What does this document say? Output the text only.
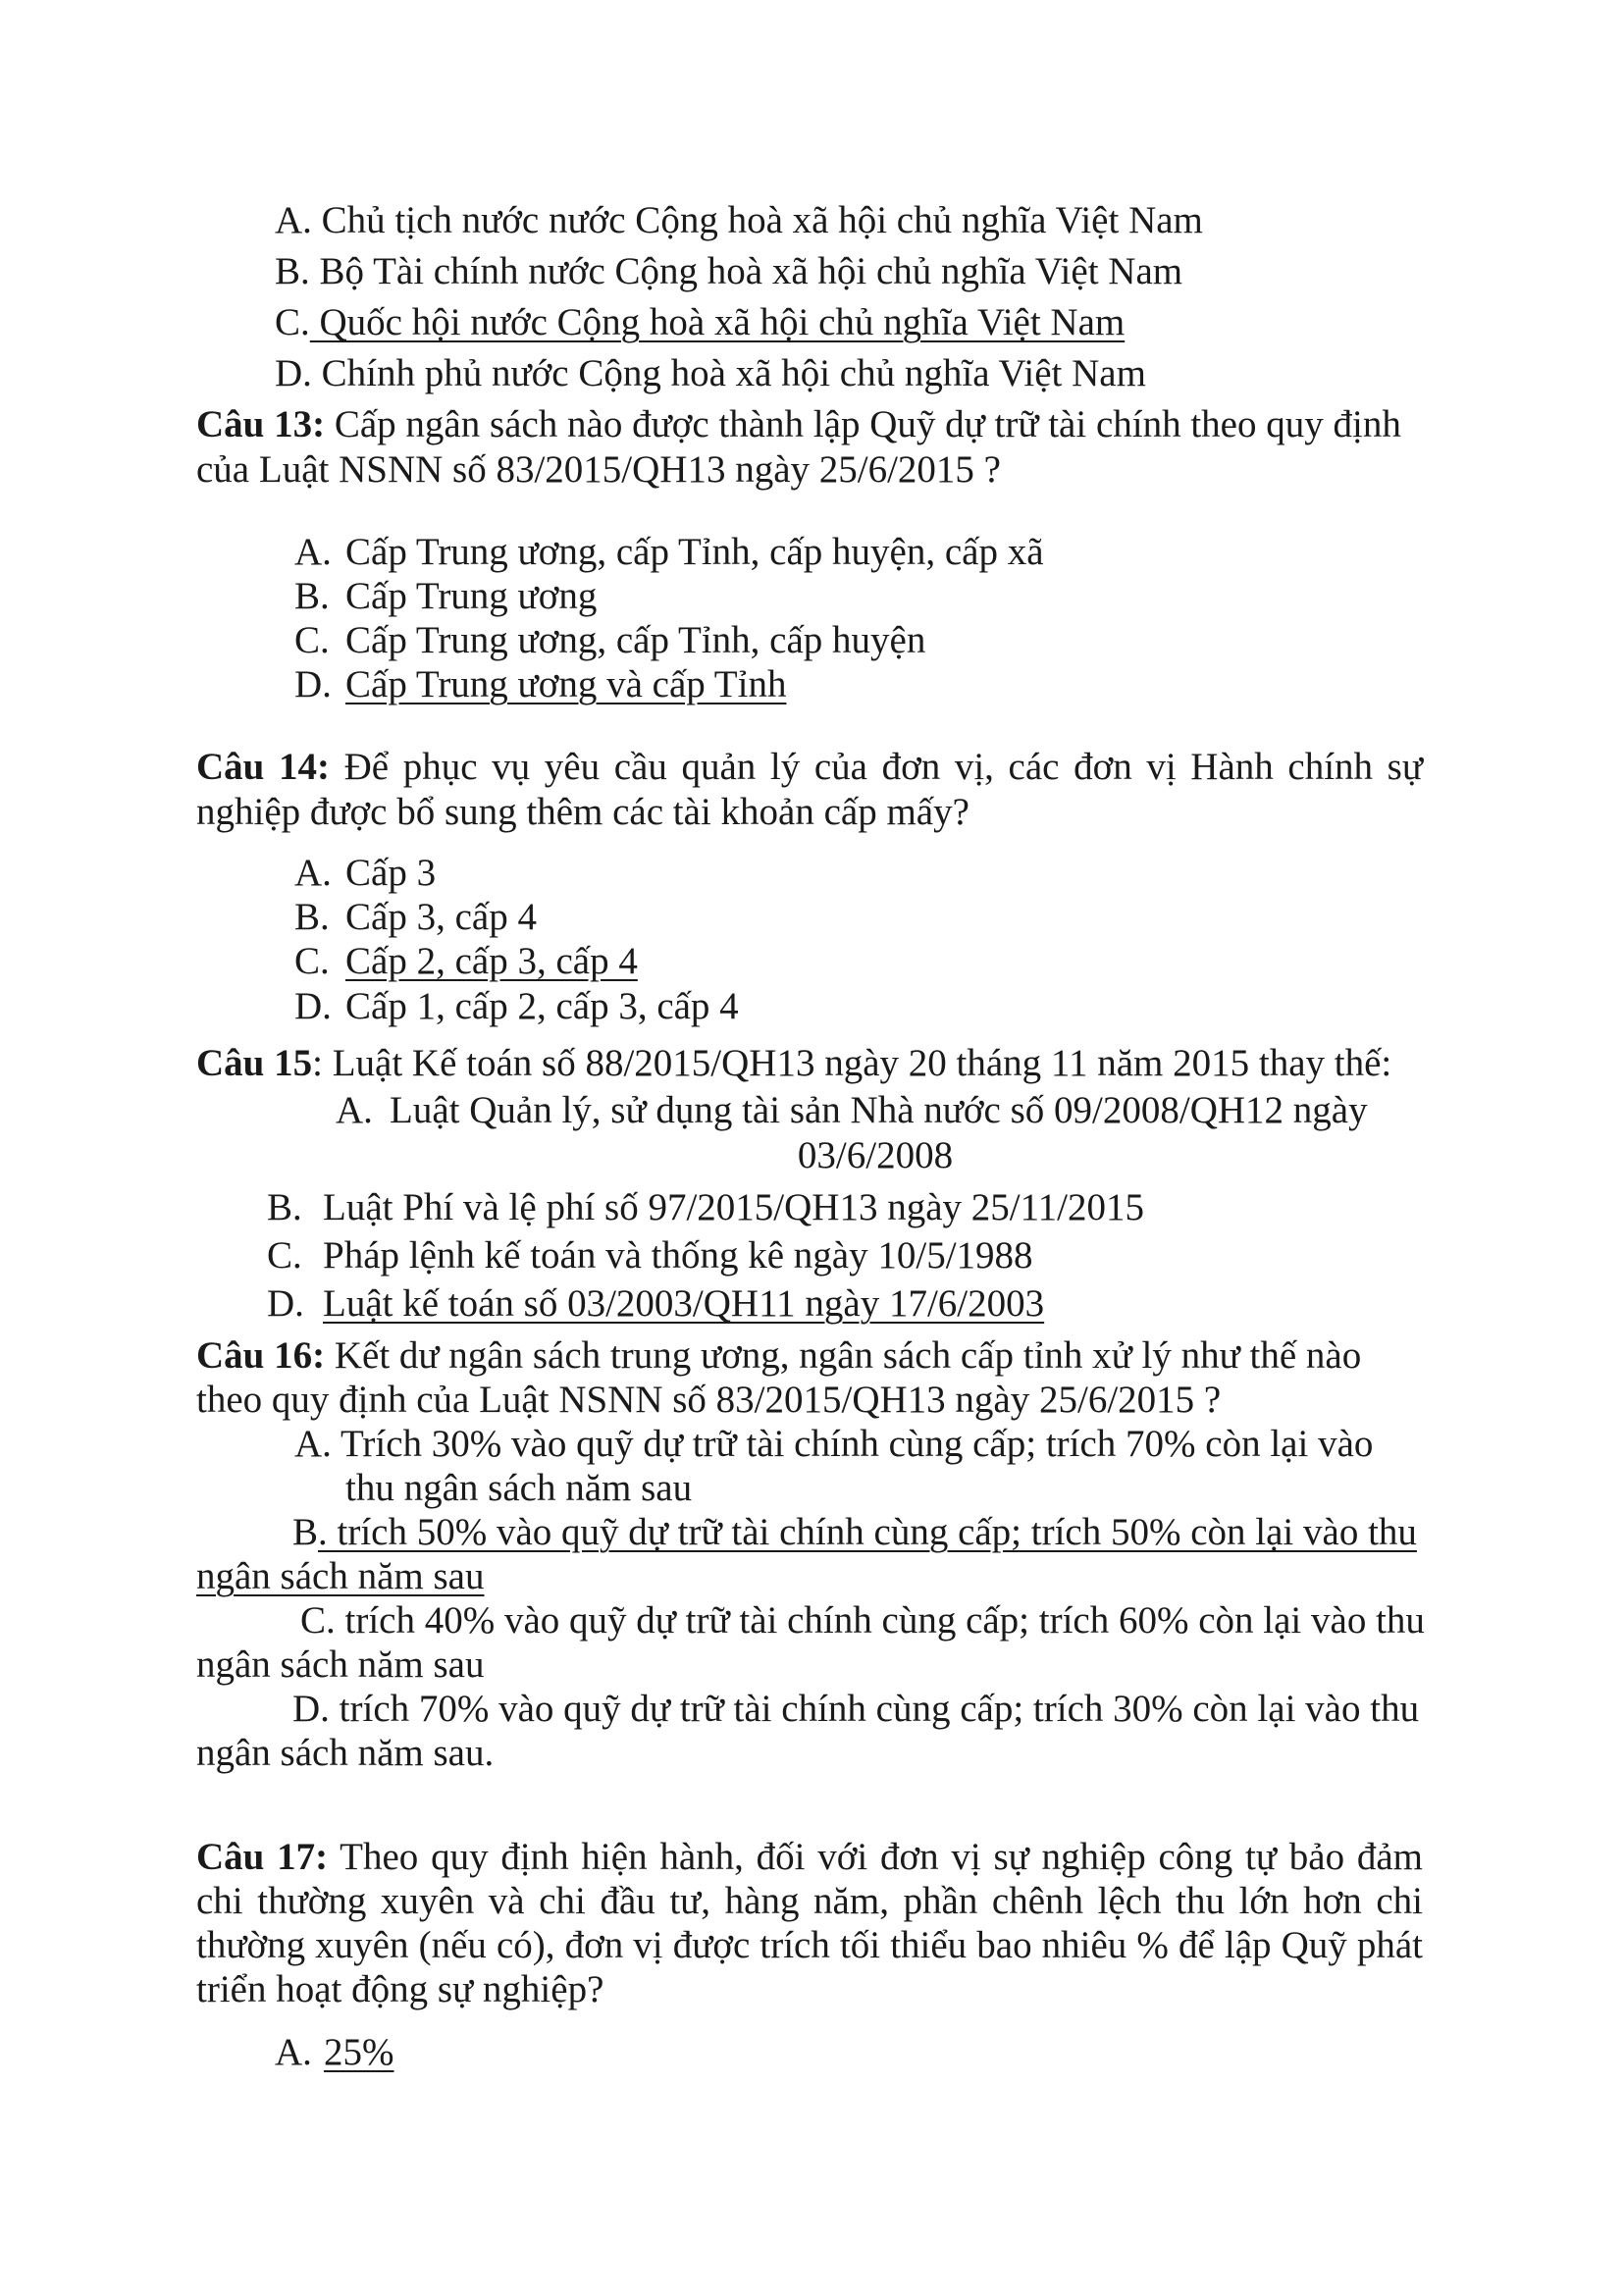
A. Chủ tịch nước nước Cộng hoà xã hội chủ nghĩa Việt Nam
B. Bộ Tài chính nước Cộng hoà xã hội chủ nghĩa Việt Nam
C. Quốc hội nước Cộng hoà xã hội chủ nghĩa Việt Nam
D. Chính phủ nước Cộng hoà xã hội chủ nghĩa Việt Nam
Câu 13: Cấp ngân sách nào được thành lập Quỹ dự trữ tài chính theo quy định
của Luật NSNN số 83/2015/QH13 ngày 25/6/2015 ?
A. Cấp Trung ương, cấp Tỉnh, cấp huyện, cấp xã
B. Cấp Trung ương
C. Cấp Trung ương, cấp Tỉnh, cấp huyện
D. Cấp Trung ương và cấp Tỉnh
Câu 14: Để phục vụ yêu cầu quản lý của đơn vị, các đơn vị Hành chính sự
nghiệp được bổ sung thêm các tài khoản cấp mấy?
A. Cấp 3
B. Cấp 3, cấp 4
C. Cấp 2, cấp 3, cấp 4
D. Cấp 1, cấp 2, cấp 3, cấp 4
Câu 15: Luật Kế toán số 88/2015/QH13 ngày 20 tháng 11 năm 2015 thay thế:
A. Luật Quản lý, sử dụng tài sản Nhà nước số 09/2008/QH12 ngày
03/6/2008
B. Luật Phí và lệ phí số 97/2015/QH13 ngày 25/11/2015
C. Pháp lệnh kế toán và thống kê ngày 10/5/1988
D. Luật kế toán số 03/2003/QH11 ngày 17/6/2003
Câu 16: Kết dư ngân sách trung ương, ngân sách cấp tỉnh xử lý như thế nào
theo quy định của Luật NSNN số 83/2015/QH13 ngày 25/6/2015 ?
A. Trích 30% vào quỹ dự trữ tài chính cùng cấp; trích 70% còn lại vào
thu ngân sách năm sau
B. trích 50% vào quỹ dự trữ tài chính cùng cấp; trích 50% còn lại vào thu
ngân sách năm sau
C. trích 40% vào quỹ dự trữ tài chính cùng cấp; trích 60% còn lại vào thu
ngân sách năm sau
D. trích 70% vào quỹ dự trữ tài chính cùng cấp; trích 30% còn lại vào thu
ngân sách năm sau.
Câu 17: Theo quy định hiện hành, đối với đơn vị sự nghiệp công tự bảo đảm
chi thường xuyên và chi đầu tư, hàng năm, phần chênh lệch thu lớn hơn chi
thường xuyên (nếu có), đơn vị được trích tối thiểu bao nhiêu % để lập Quỹ phát
triển hoạt động sự nghiệp?
A. 25%
